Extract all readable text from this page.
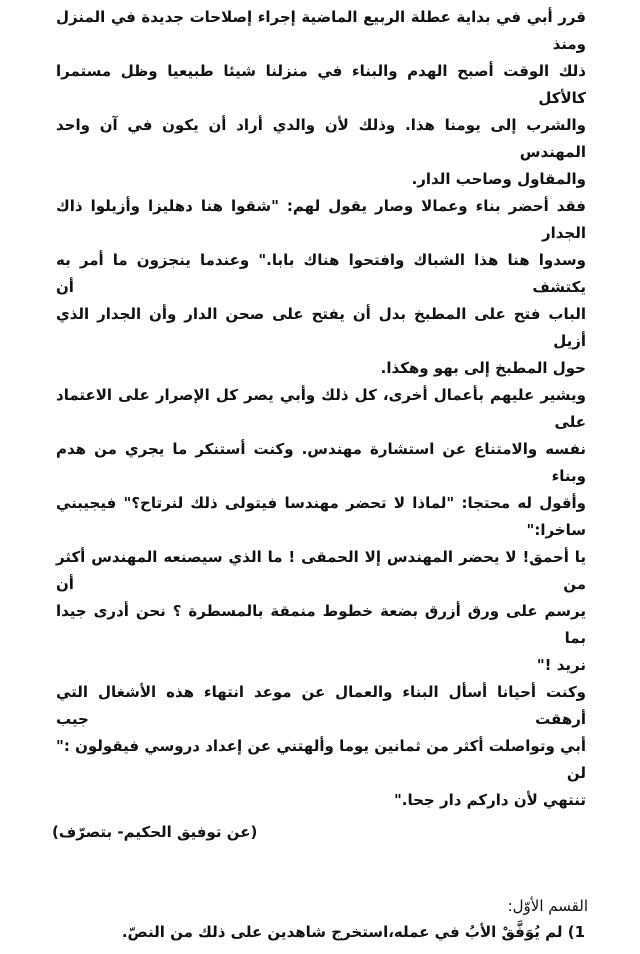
قرر أبي في بداية عطلة الربيع الماضية إجراء إصلاحات جديدة في المنزل ومنذ
ذلك الوقت أصبح الهدم والبناء في منزلنا شيئا طبيعيا وظل مستمرا كالأكل
والشرب إلى يومنا هذا. وذلك لأن والدي أراد أن يكون في آن واحد المهندس
والمقاول وصاحب الدار.
فقد أحضر بناء وعمالا وصار يقول لهم: "شقوا هنا دهليزا وأزيلوا ذاك الجدار
وسدوا هنا هذا الشباك وافتحوا هناك بابا." وعندما ينجزون ما أمر به يكتشف أن
الباب فتح على المطبخ بدل أن يفتح على صحن الدار وأن الجدار الذي أزيل
حول المطبخ إلى بهو وهكذا.
ويشير عليهم بأعمال أخرى، كل ذلك وأبي يصر كل الإصرار على الاعتماد على
نفسه والامتناع عن استشارة مهندس. وكنت أستنكر ما يجري من هدم وبناء
وأقول له محتجا: "لماذا لا تحضر مهندسا فيتولى ذلك لنرتاح؟" فيجيبني ساخرا:"
يا أحمق! لا يحضر المهندس إلا الحمقى ! ما الذي سيصنعه المهندس أكثر من أن
يرسم على ورق أزرق بضعة خطوط منمقة بالمسطرة ؟ نحن أدرى جيدا بما
نريد !"
وكنت أحيانا أسأل البناء والعمال عن موعد انتهاء هذه الأشغال التي أرهقت جيب
أبي وتواصلت أكثر من ثمانين يوما وألهتني عن إعداد دروسي فيقولون :" لن
تنتهي لأن داركم دار جحا."
(عن توفيق الحكيم- بتصرّف)
القسم الأوّل:
1) لم يُوَفَّقْ الأبُ في عمله،استخرج شاهدين على ذلك من النصّ.
